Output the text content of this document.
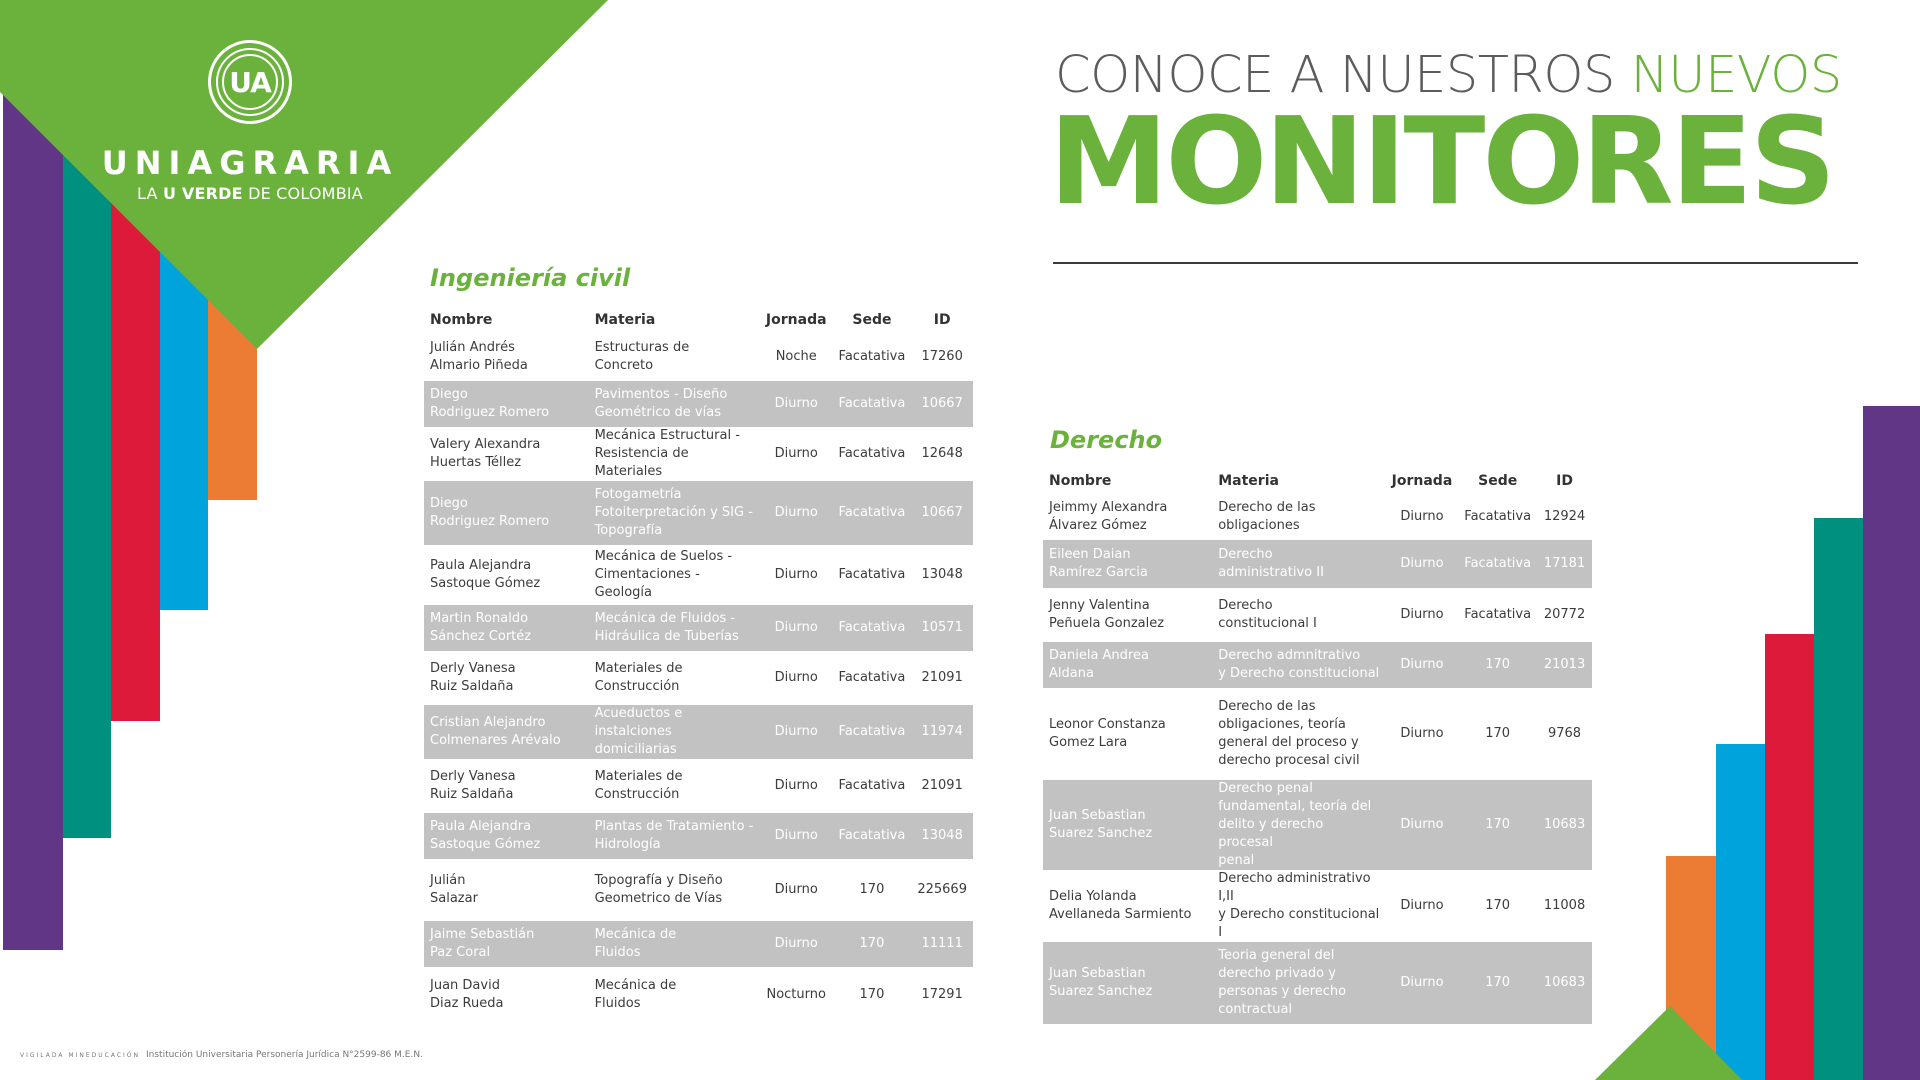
UA
UNIAGRARIA
LA U VERDE DE COLOMBIA
CONOCE A NUESTROS NUEVOS
MONITORES
Ingeniería civil
Nombre	Materia	Jornada	Sede	ID

Julián Andrés
Almario Piñeda	Estructuras de
Concreto	Noche	Facatativa	17260

Diego
Rodriguez Romero	Pavimentos - Diseño
Geométrico de vías	Diurno	Facatativa	10667

Valery Alexandra
Huertas Téllez	Mecánica Estructural -
Resistencia de Materiales	Diurno	Facatativa	12648

Diego
Rodriguez Romero	Fotogametría
Fotoiterpretación y SIG -
Topografía	Diurno	Facatativa	10667

Paula Alejandra
Sastoque Gómez	Mecánica de Suelos -
Cimentaciones - Geología	Diurno	Facatativa	13048

Martin Ronaldo
Sánchez Cortéz	Mecánica de Fluidos -
Hidráulica de Tuberías	Diurno	Facatativa	10571

Derly Vanesa
Ruiz Saldaña	Materiales de
Construcción	Diurno	Facatativa	21091

Cristian Alejandro
Colmenares Arévalo	Acueductos e
instalciones domiciliarias	Diurno	Facatativa	11974

Derly Vanesa
Ruiz Saldaña	Materiales de
Construcción	Diurno	Facatativa	21091

Paula Alejandra
Sastoque Gómez	Plantas de Tratamiento -
Hidrología	Diurno	Facatativa	13048

Julián
Salazar	Topografía y Diseño
Geometrico de Vías	Diurno	170	225669

Jaime Sebastián
Paz Coral	Mecánica de
Fluidos	Diurno	170	11111

Juan David
Diaz Rueda	Mecánica de
Fluidos	Nocturno	170	17291
Derecho
Nombre	Materia	Jornada	Sede	ID

Jeimmy Alexandra
Álvarez Gómez	Derecho de las
obligaciones	Diurno	Facatativa	12924

Eileen Daian
Ramírez Garcia	Derecho
administrativo II	Diurno	Facatativa	17181

Jenny Valentina
Peñuela Gonzalez	Derecho
constitucional I	Diurno	Facatativa	20772

Daniela Andrea
Aldana	Derecho admnitrativo
y Derecho constitucional	Diurno	170	21013

Leonor Constanza
Gomez Lara	Derecho de las
obligaciones, teoría
general del proceso y
derecho procesal civil	Diurno	170	9768

Juan Sebastian
Suarez Sanchez	Derecho penal
fundamental, teoría del
delito y derecho procesal
penal	Diurno	170	10683

Delia Yolanda
Avellaneda Sarmiento	Derecho administrativo I,II
y Derecho constitucional I	Diurno	170	11008

Juan Sebastian
Suarez Sanchez	Teoria general del
derecho privado y
personas y derecho
contractual	Diurno	170	10683
VIGILADA MINEDUCACIÓN Institución Universitaria Personería Jurídica N°2599-86 M.E.N.
